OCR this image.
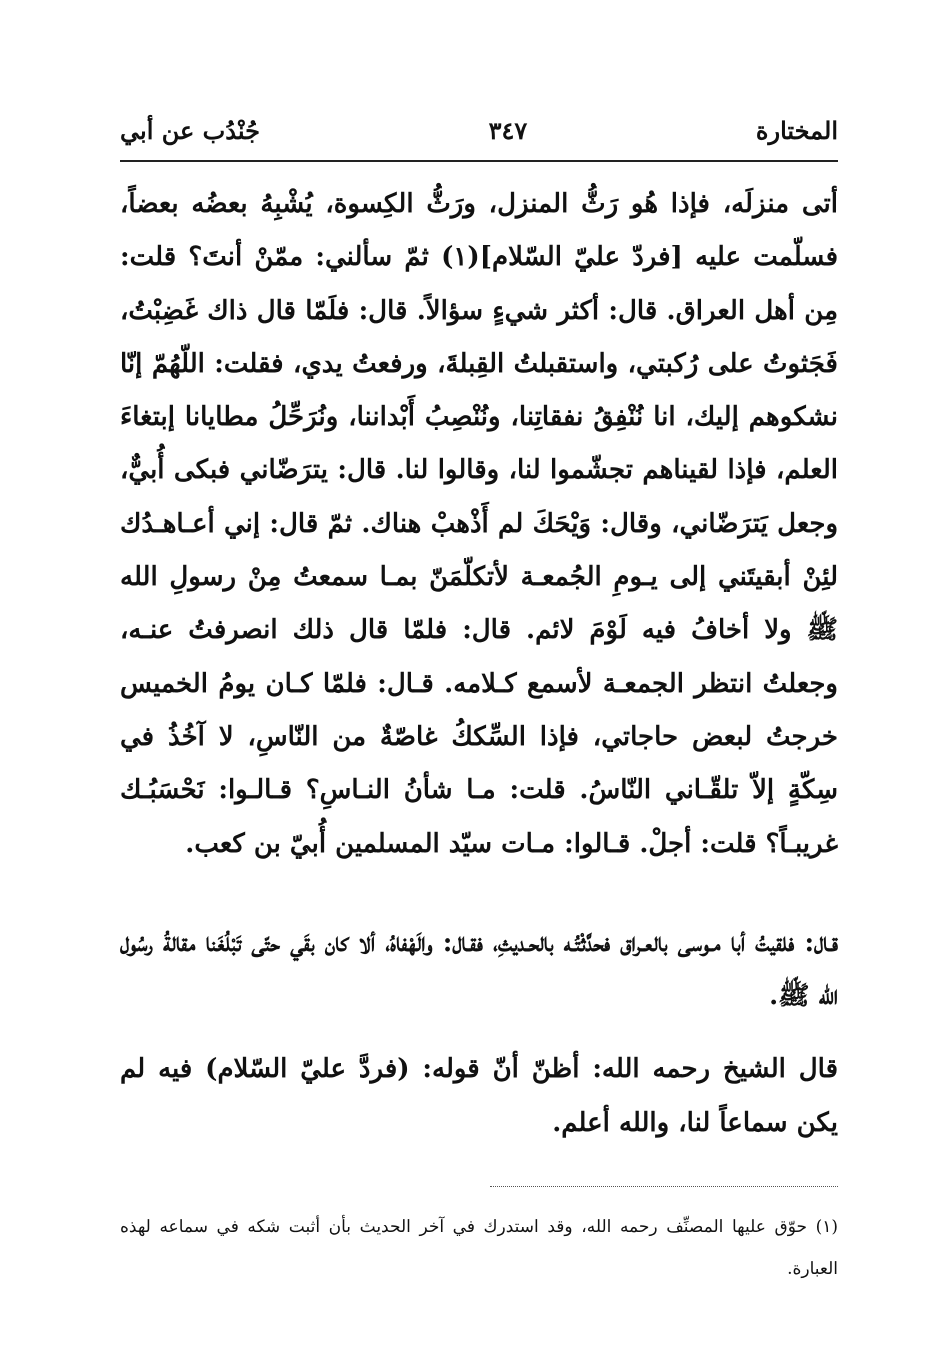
المختارة
٣٤٧
جُنْدُب عن أبي

أتى منزلَه، فإذا هُو رَثُّ المنزل، ورَثُّ الكِسوة، يُشْبِهُ بعضُه بعضاً، فسلّمت عليه [فردّ عليّ السّلام](١) ثمّ سألني: ممّنْ أنتَ؟ قلت: مِن أهل العراق. قال: أكثر شيءٍ سؤالاً. قال: فلَمّا قال ذاك غَضِبْتُ، فَجَثوتُ على رُكبتي، واستقبلتُ القِبلةَ، ورفعتُ يدي، فقلت: اللّهُمّ إنّا نشكوهم إليك، انا نُنْفِقُ نفقاتِنا، ونُنْصِبُ أَبْداننا، ونُرَحِّلُ مطايانا إبتغاءَ العلم، فإذا لقيناهم تجشّموا لنا، وقالوا لنا. قال: يترَضّاني فبكى أُبيٌّ، وجعل يَترَضّاني، وقال: وَيْحَكَ لم أَذْهبْ هناك. ثمّ قال: إني أعـاهـدُك لئِنْ أبقيتَني إلى يـومِ الجُمعـة لأتكلّمَنّ بمـا سمعتُ مِنْ رسولِ الله ﷺ ولا أخافُ فيه لَوْمَ لائم. قال: فلمّا قال ذلك انصرفتُ عنـه، وجعلتُ انتظر الجمعـة لأسمع كـلامه. قـال: فلمّا كـان يومُ الخميس خرجتُ لبعض حاجاتي، فإذا السِّككُ غاصّةٌ من النّاسِ، لا آخُذُ في سِكّةٍ إلاّ تلقّـاني النّاسُ. قلت: مـا شأنُ النـاسِ؟ قـالـوا: نَحْسَبُـك غريبـاً؟ قلت: أجلْ. قـالوا: مـات سيّد المسلمين أُبيّ بن كعب.

قـال: فلقيتُ أبا مـوسى بالعـراق فحدَّثْتُـه بالحـديثِ، فقـال: والَهْفاهُ، ألا كان بقَي حتّى تَبْلُغَنا مقالةُ رسُول الله ﷺ.

قال الشيخ رحمه الله: أظنّ أنّ قوله: (فردَّ عليّ السّلام) فيه لم يكن سماعاً لنا، والله أعلم.

(١) حوّق عليها المصنِّف رحمه الله، وقد استدرك في آخر الحديث بأن أثبت شكه في سماعه لهذه العبارة.
